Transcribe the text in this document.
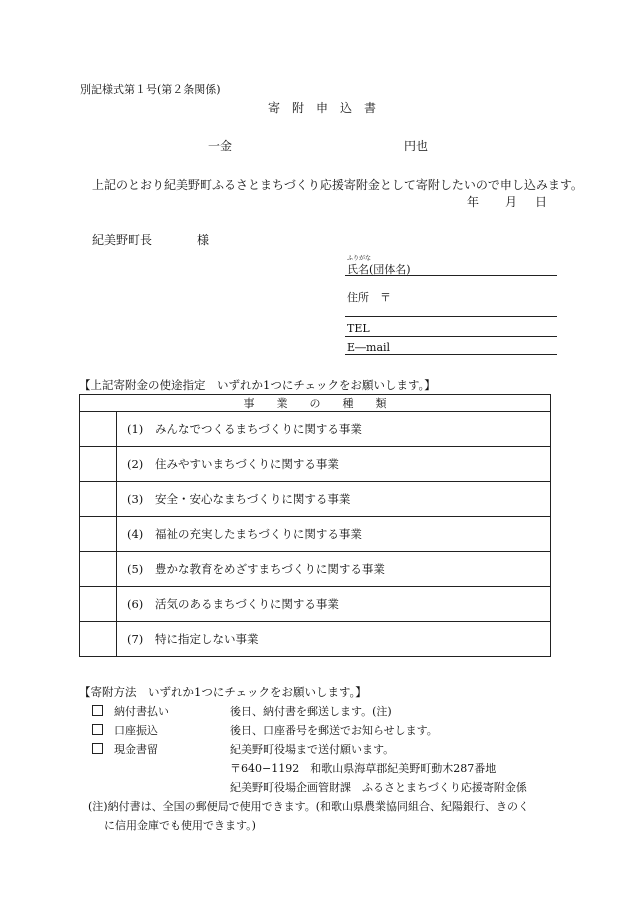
別記様式第１号(第２条関係)
寄　附　申　込　書
一金	円也
上記のとおり紀美野町ふるさとまちづくり応援寄附金として寄附したいので申し込みます。
年 月 日
紀美野町長	様
ふりがな
氏名(団体名)
住所　〒
TEL
E―mail
【上記寄附金の使途指定　いずれか1つにチェックをお願いします。】
事　　業　　の　　種　　類	
	(1) みんなでつくるまちづくりに関する事業
	(2) 住みやすいまちづくりに関する事業
	(3) 安全・安心なまちづくりに関する事業
	(4) 福祉の充実したまちづくりに関する事業
	(5) 豊かな教育をめざすまちづくりに関する事業
	(6) 活気のあるまちづくりに関する事業
	(7) 特に指定しない事業
【寄附方法　いずれか1つにチェックをお願いします。】
納付書払い	後日、納付書を郵送します。(注)
口座振込	後日、口座番号を郵送でお知らせします。
現金書留	紀美野町役場まで送付願います。
〒640−1192　和歌山県海草郡紀美野町動木287番地
紀美野町役場企画管財課　ふるさとまちづくり応援寄附金係
(注)納付書は、全国の郵便局で使用できます。(和歌山県農業協同組合、紀陽銀行、きのく
に信用金庫でも使用できます。)
